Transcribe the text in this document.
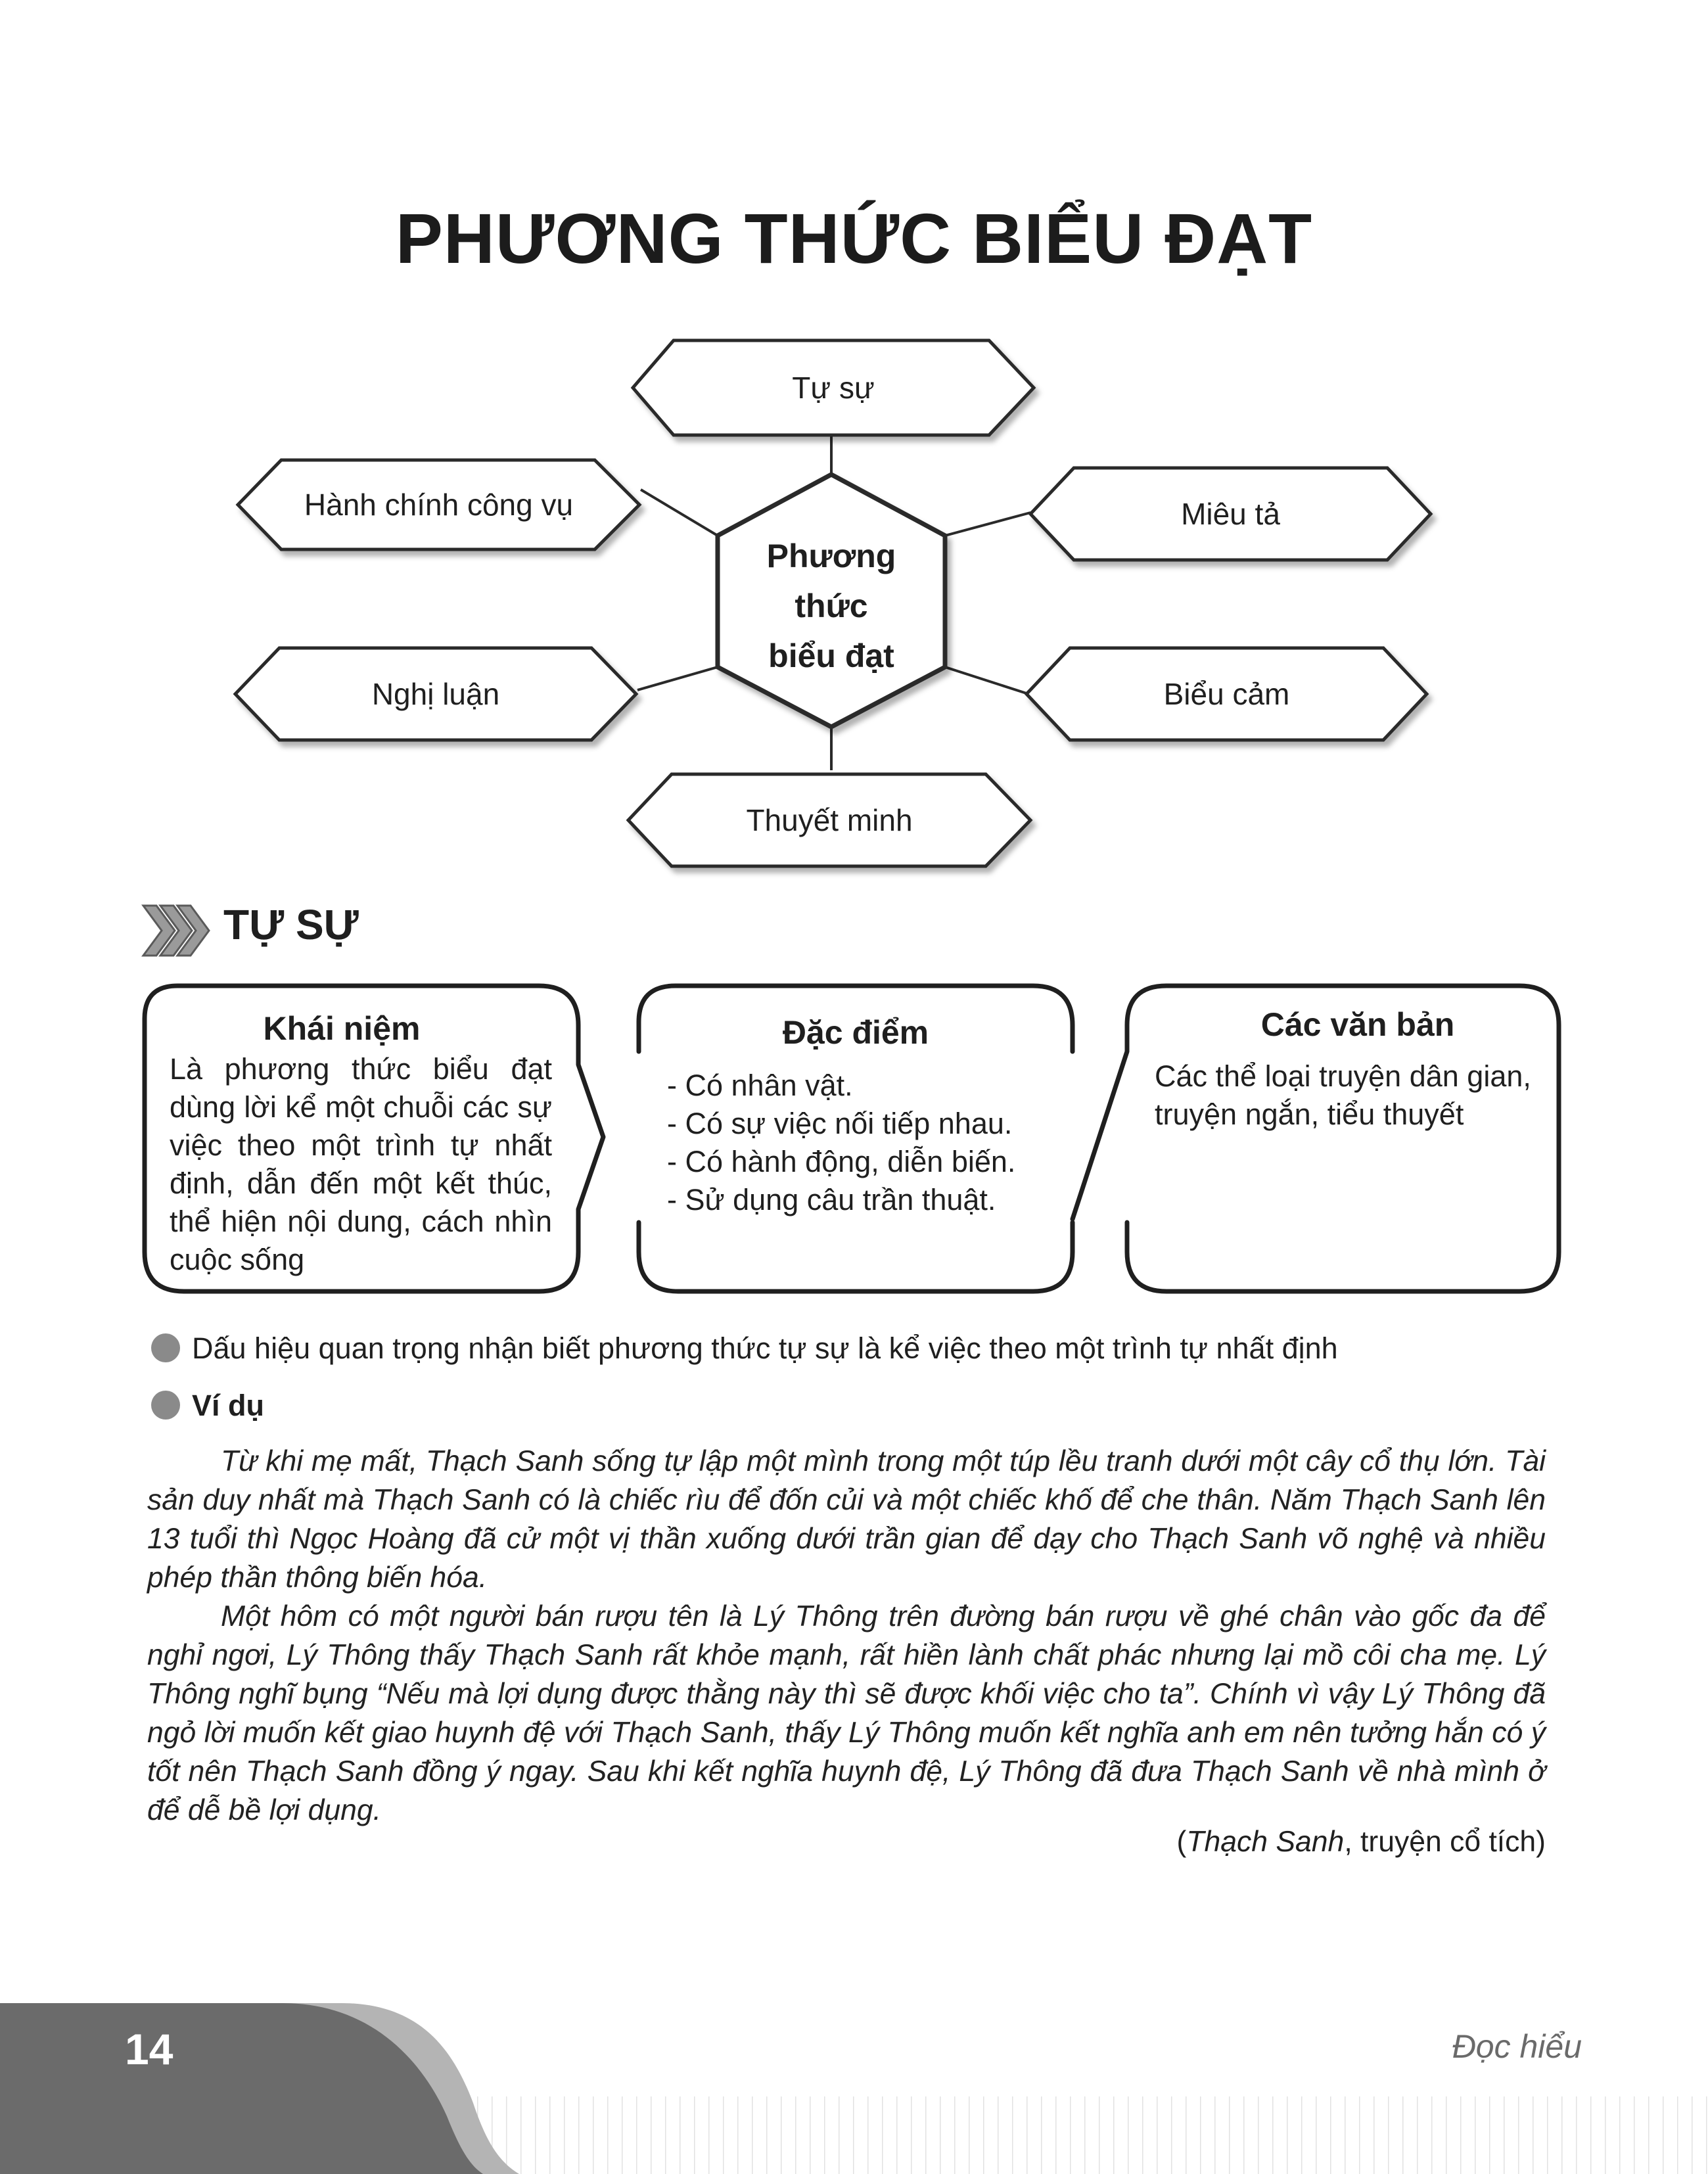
PHƯƠNG THỨC BIỂU ĐẠT
Tự sự
Hành chính công vụ	Miêu tả
Nghị luận	Biểu cảm
Thuyết minh
Phương
thức
biểu đạt
TỰ SỰ
Khái niệm
Là phương thức biểu đạt
dùng lời kể một chuỗi các sự
việc theo một trình tự nhất
định, dẫn đến một kết thúc,
thể hiện nội dung, cách nhìn
cuộc sống
Đặc điểm
- Có nhân vật.
- Có sự việc nối tiếp nhau.
- Có hành động, diễn biến.
- Sử dụng câu trần thuật.
Các văn bản
Các thể loại truyện dân gian,
truyện ngắn, tiểu thuyết
Dấu hiệu quan trọng nhận biết phương thức tự sự là kể việc theo một trình tự nhất định
Ví dụ

Từ khi mẹ mất, Thạch Sanh sống tự lập một mình trong một túp lều tranh dưới một cây cổ thụ lớn. Tài sản duy nhất mà Thạch Sanh có là chiếc rìu để đốn củi và một chiếc khố để che thân. Năm Thạch Sanh lên 13 tuổi thì Ngọc Hoàng đã cử một vị thần xuống dưới trần gian để dạy cho Thạch Sanh võ nghệ và nhiều phép thần thông biến hóa.

Một hôm có một người bán rượu tên là Lý Thông trên đường bán rượu về ghé chân vào gốc đa để nghỉ ngơi, Lý Thông thấy Thạch Sanh rất khỏe mạnh, rất hiền lành chất phác nhưng lại mồ côi cha mẹ. Lý Thông nghĩ bụng “Nếu mà lợi dụng được thằng này thì sẽ được khối việc cho ta”. Chính vì vậy Lý Thông đã ngỏ lời muốn kết giao huynh đệ với Thạch Sanh, thấy Lý Thông muốn kết nghĩa anh em nên tưởng hắn có ý tốt nên Thạch Sanh đồng ý ngay. Sau khi kết nghĩa huynh đệ, Lý Thông đã đưa Thạch Sanh về nhà mình ở để dễ bề lợi dụng.

(Thạch Sanh, truyện cổ tích)
14	Đọc hiểu
